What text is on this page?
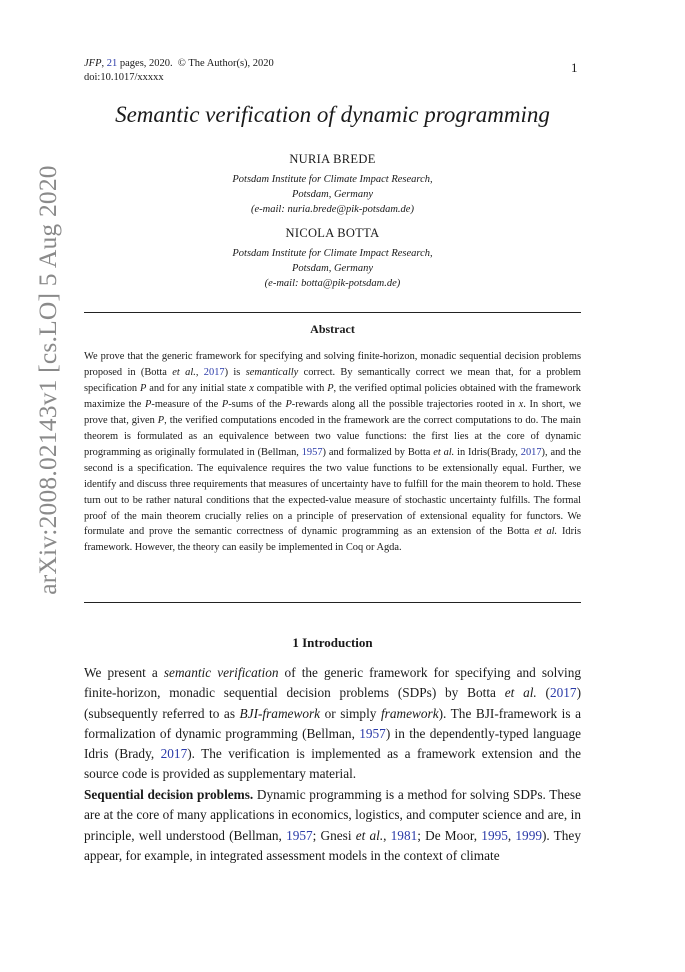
JFP, 21 pages, 2020. © The Author(s), 2020
doi:10.1017/xxxxx
1
arXiv:2008.02143v1 [cs.LO] 5 Aug 2020
Semantic verification of dynamic programming
NURIA BREDE
Potsdam Institute for Climate Impact Research,
Potsdam, Germany
(e-mail: nuria.brede@pik-potsdam.de)
NICOLA BOTTA
Potsdam Institute for Climate Impact Research,
Potsdam, Germany
(e-mail: botta@pik-potsdam.de)
Abstract
We prove that the generic framework for specifying and solving finite-horizon, monadic sequential decision problems proposed in (Botta et al., 2017) is semantically correct. By semantically correct we mean that, for a problem specification P and for any initial state x compatible with P, the verified optimal policies obtained with the framework maximize the P-measure of the P-sums of the P-rewards along all the possible trajectories rooted in x. In short, we prove that, given P, the verified computations encoded in the framework are the correct computations to do. The main theorem is formulated as an equivalence between two value functions: the first lies at the core of dynamic programming as originally formulated in (Bellman, 1957) and formalized by Botta et al. in Idris(Brady, 2017), and the second is a specification. The equivalence requires the two value functions to be extensionally equal. Further, we identify and discuss three requirements that measures of uncertainty have to fulfill for the main theorem to hold. These turn out to be rather natural conditions that the expected-value measure of stochastic uncertainty fulfills. The formal proof of the main theorem crucially relies on a principle of preservation of extensional equality for functors. We formulate and prove the semantic correctness of dynamic programming as an extension of the Botta et al. Idris framework. However, the theory can easily be implemented in Coq or Agda.
1 Introduction
We present a semantic verification of the generic framework for specifying and solving finite-horizon, monadic sequential decision problems (SDPs) by Botta et al. (2017) (subsequently referred to as BJI-framework or simply framework). The BJI-framework is a formalization of dynamic programming (Bellman, 1957) in the dependently-typed language Idris (Brady, 2017). The verification is implemented as a framework extension and the source code is provided as supplementary material.
Sequential decision problems. Dynamic programming is a method for solving SDPs. These are at the core of many applications in economics, logistics, and computer science and are, in principle, well understood (Bellman, 1957; Gnesi et al., 1981; De Moor, 1995, 1999). They appear, for example, in integrated assessment models in the context of climate
